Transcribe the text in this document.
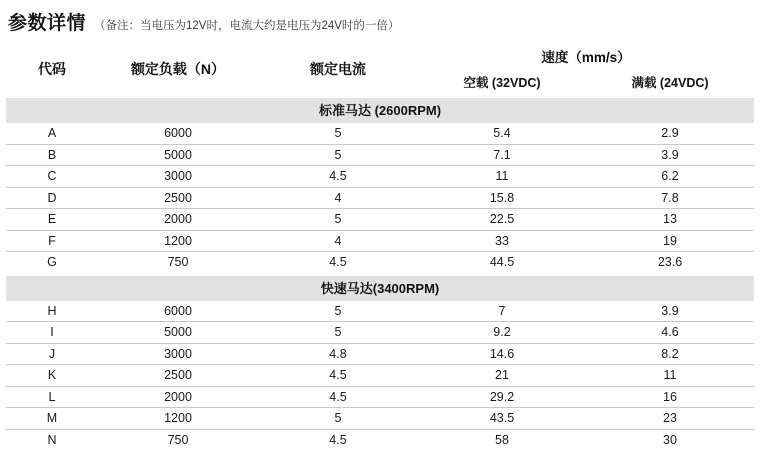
参数详情 （备注：当电压为12V时，电流大约是电压为24V时的一倍）
代码	额定负载（N）	额定电流	速度（mm/s）	
			空载 (32VDC)	满载 (24VDC)
标准马达 (2600RPM)				
A	6000	5	5.4	2.9
B	5000	5	7.1	3.9
C	3000	4.5	11	6.2
D	2500	4	15.8	7.8
E	2000	5	22.5	13
F	1200	4	33	19
G	750	4.5	44.5	23.6

快速马达(3400RPM)				
H	6000	5	7	3.9
I	5000	5	9.2	4.6
J	3000	4.8	14.6	8.2
K	2500	4.5	21	11
L	2000	4.5	29.2	16
M	1200	5	43.5	23
N	750	4.5	58	30
